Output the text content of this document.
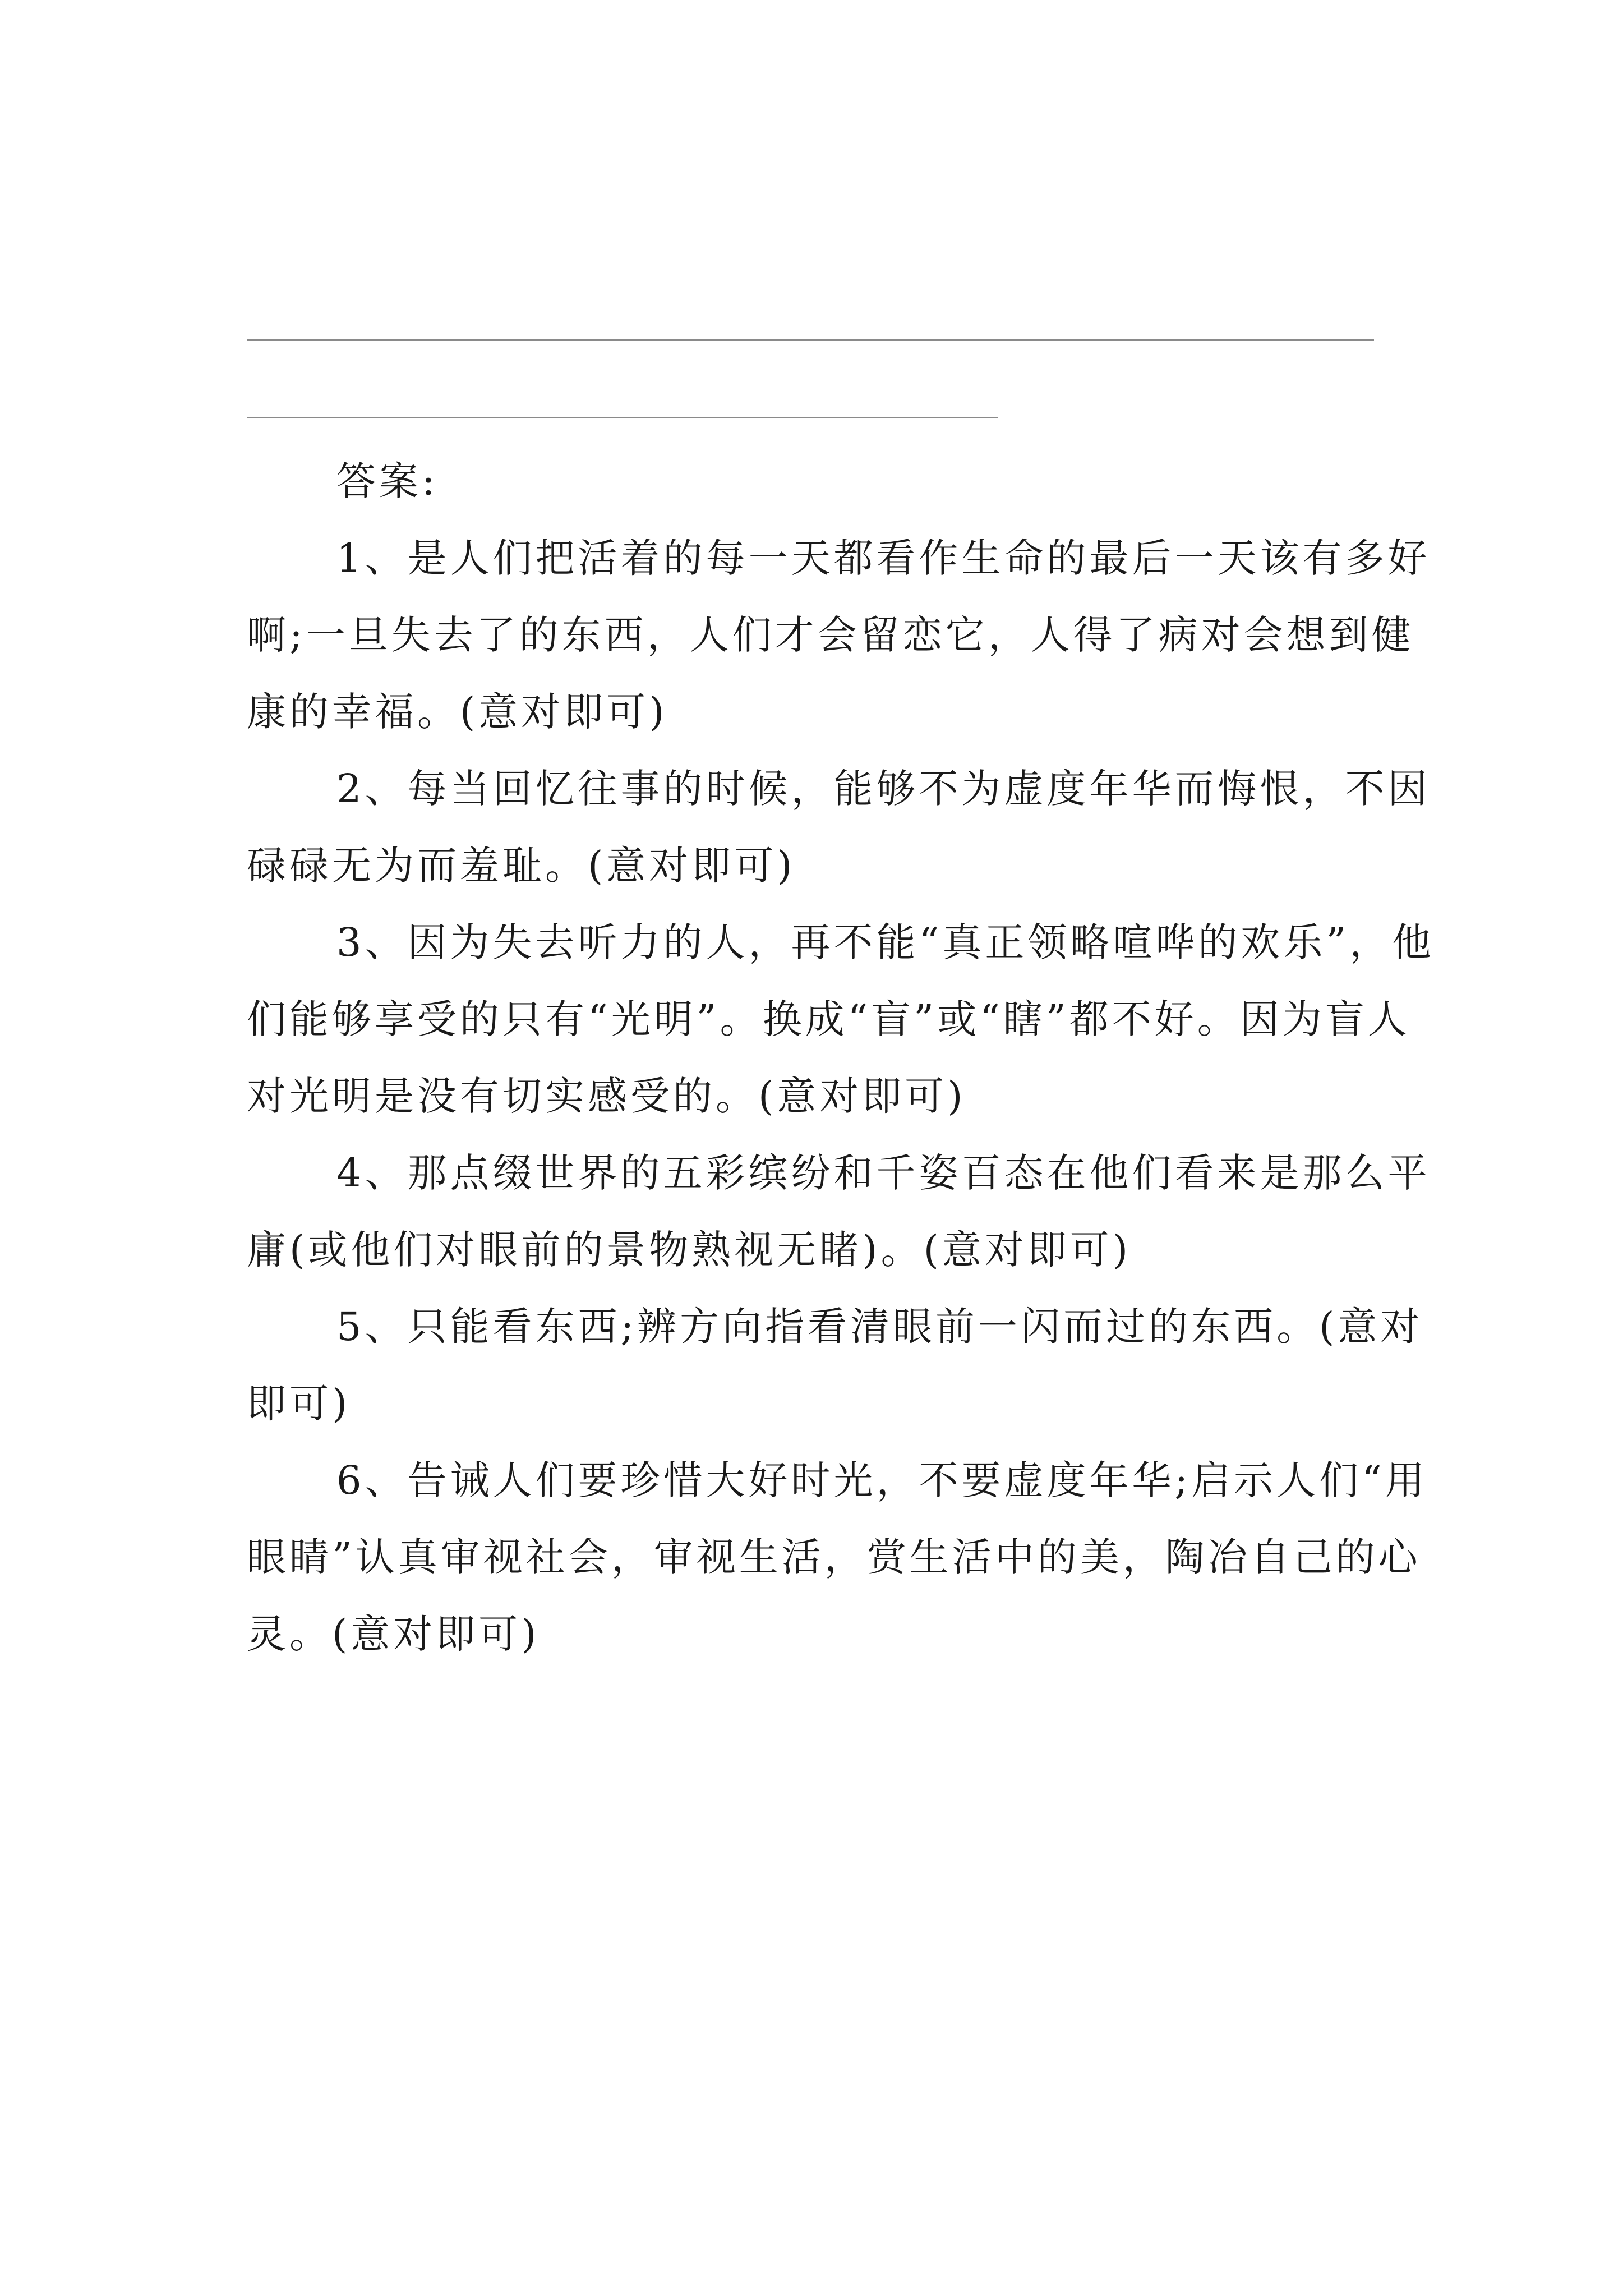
答案:

1、是人们把活着的每一天都看作生命的最后一天该有多好啊;一旦失去了的东西，人们才会留恋它，人得了病对会想到健康的幸福。(意对即可)

2、每当回忆往事的时候，能够不为虚度年华而悔恨，不因碌碌无为而羞耻。(意对即可)

3、因为失去听力的人，再不能“真正领略喧哗的欢乐”，他们能够享受的只有“光明”。换成“盲”或“瞎”都不好。因为盲人对光明是没有切实感受的。(意对即可)

4、那点缀世界的五彩缤纷和千姿百态在他们看来是那么平庸(或他们对眼前的景物熟视无睹)。(意对即可)

5、只能看东西;辨方向指看清眼前一闪而过的东西。(意对即可)

6、告诫人们要珍惜大好时光，不要虚度年华;启示人们“用眼睛”认真审视社会，审视生活，赏生活中的美，陶冶自己的心灵。(意对即可)
